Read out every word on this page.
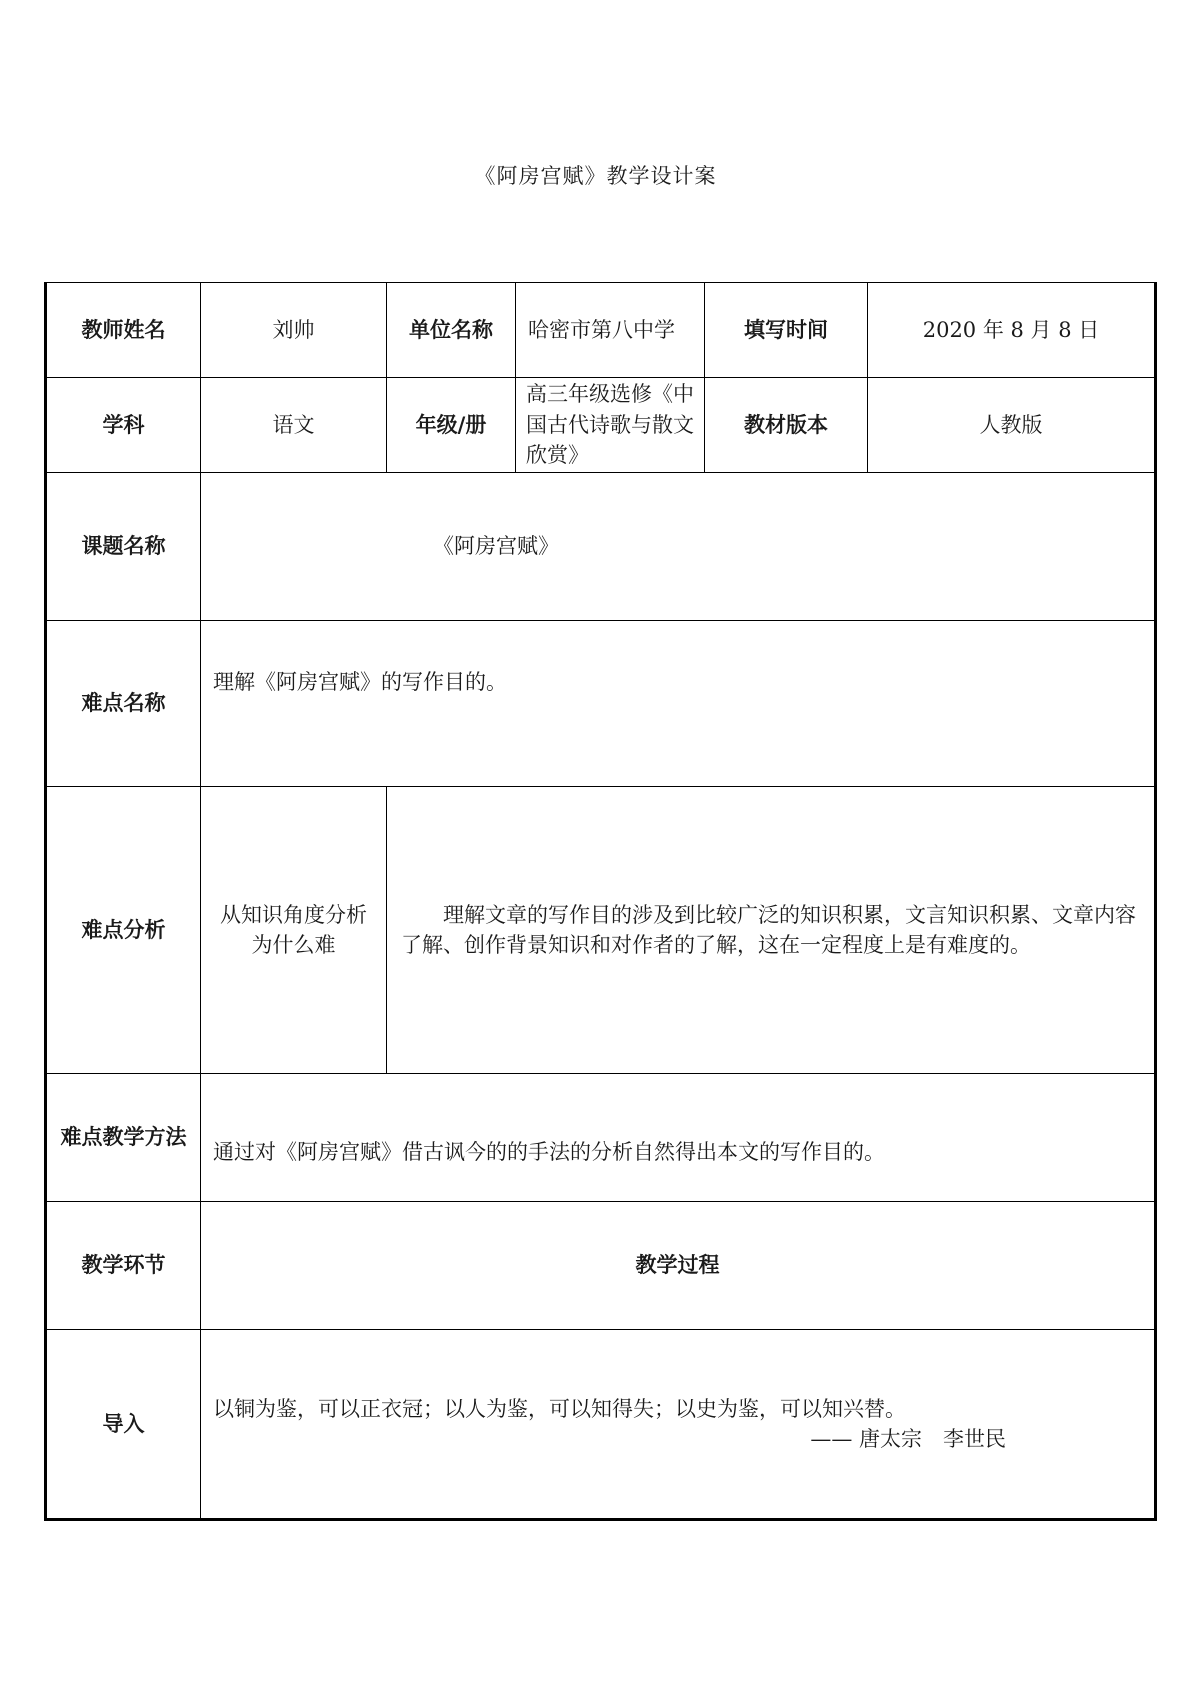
《阿房宫赋》教学设计案
教师姓名	刘帅	单位名称	哈密市第八中学	填写时间	2020 年 8 月 8 日
学科	语文	年级/册	高三年级选修《中国古代诗歌与散文欣赏》	教材版本	人教版
课题名称	《阿房宫赋》				
难点名称	理解《阿房宫赋》的写作目的。				
难点分析	从知识角度分析为什么难	理解文章的写作目的涉及到比较广泛的知识积累，文言知识积累、文章内容了解、创作背景知识和对作者的了解，这在一定程度上是有难度的。			
难点教学方法	通过对《阿房宫赋》借古讽今的的手法的分析自然得出本文的写作目的。				
教学环节	教学过程				
导入	以铜为鉴，可以正衣冠；以人为鉴，可以知得失；以史为鉴，可以知兴替。
—— 唐太宗　李世民				
